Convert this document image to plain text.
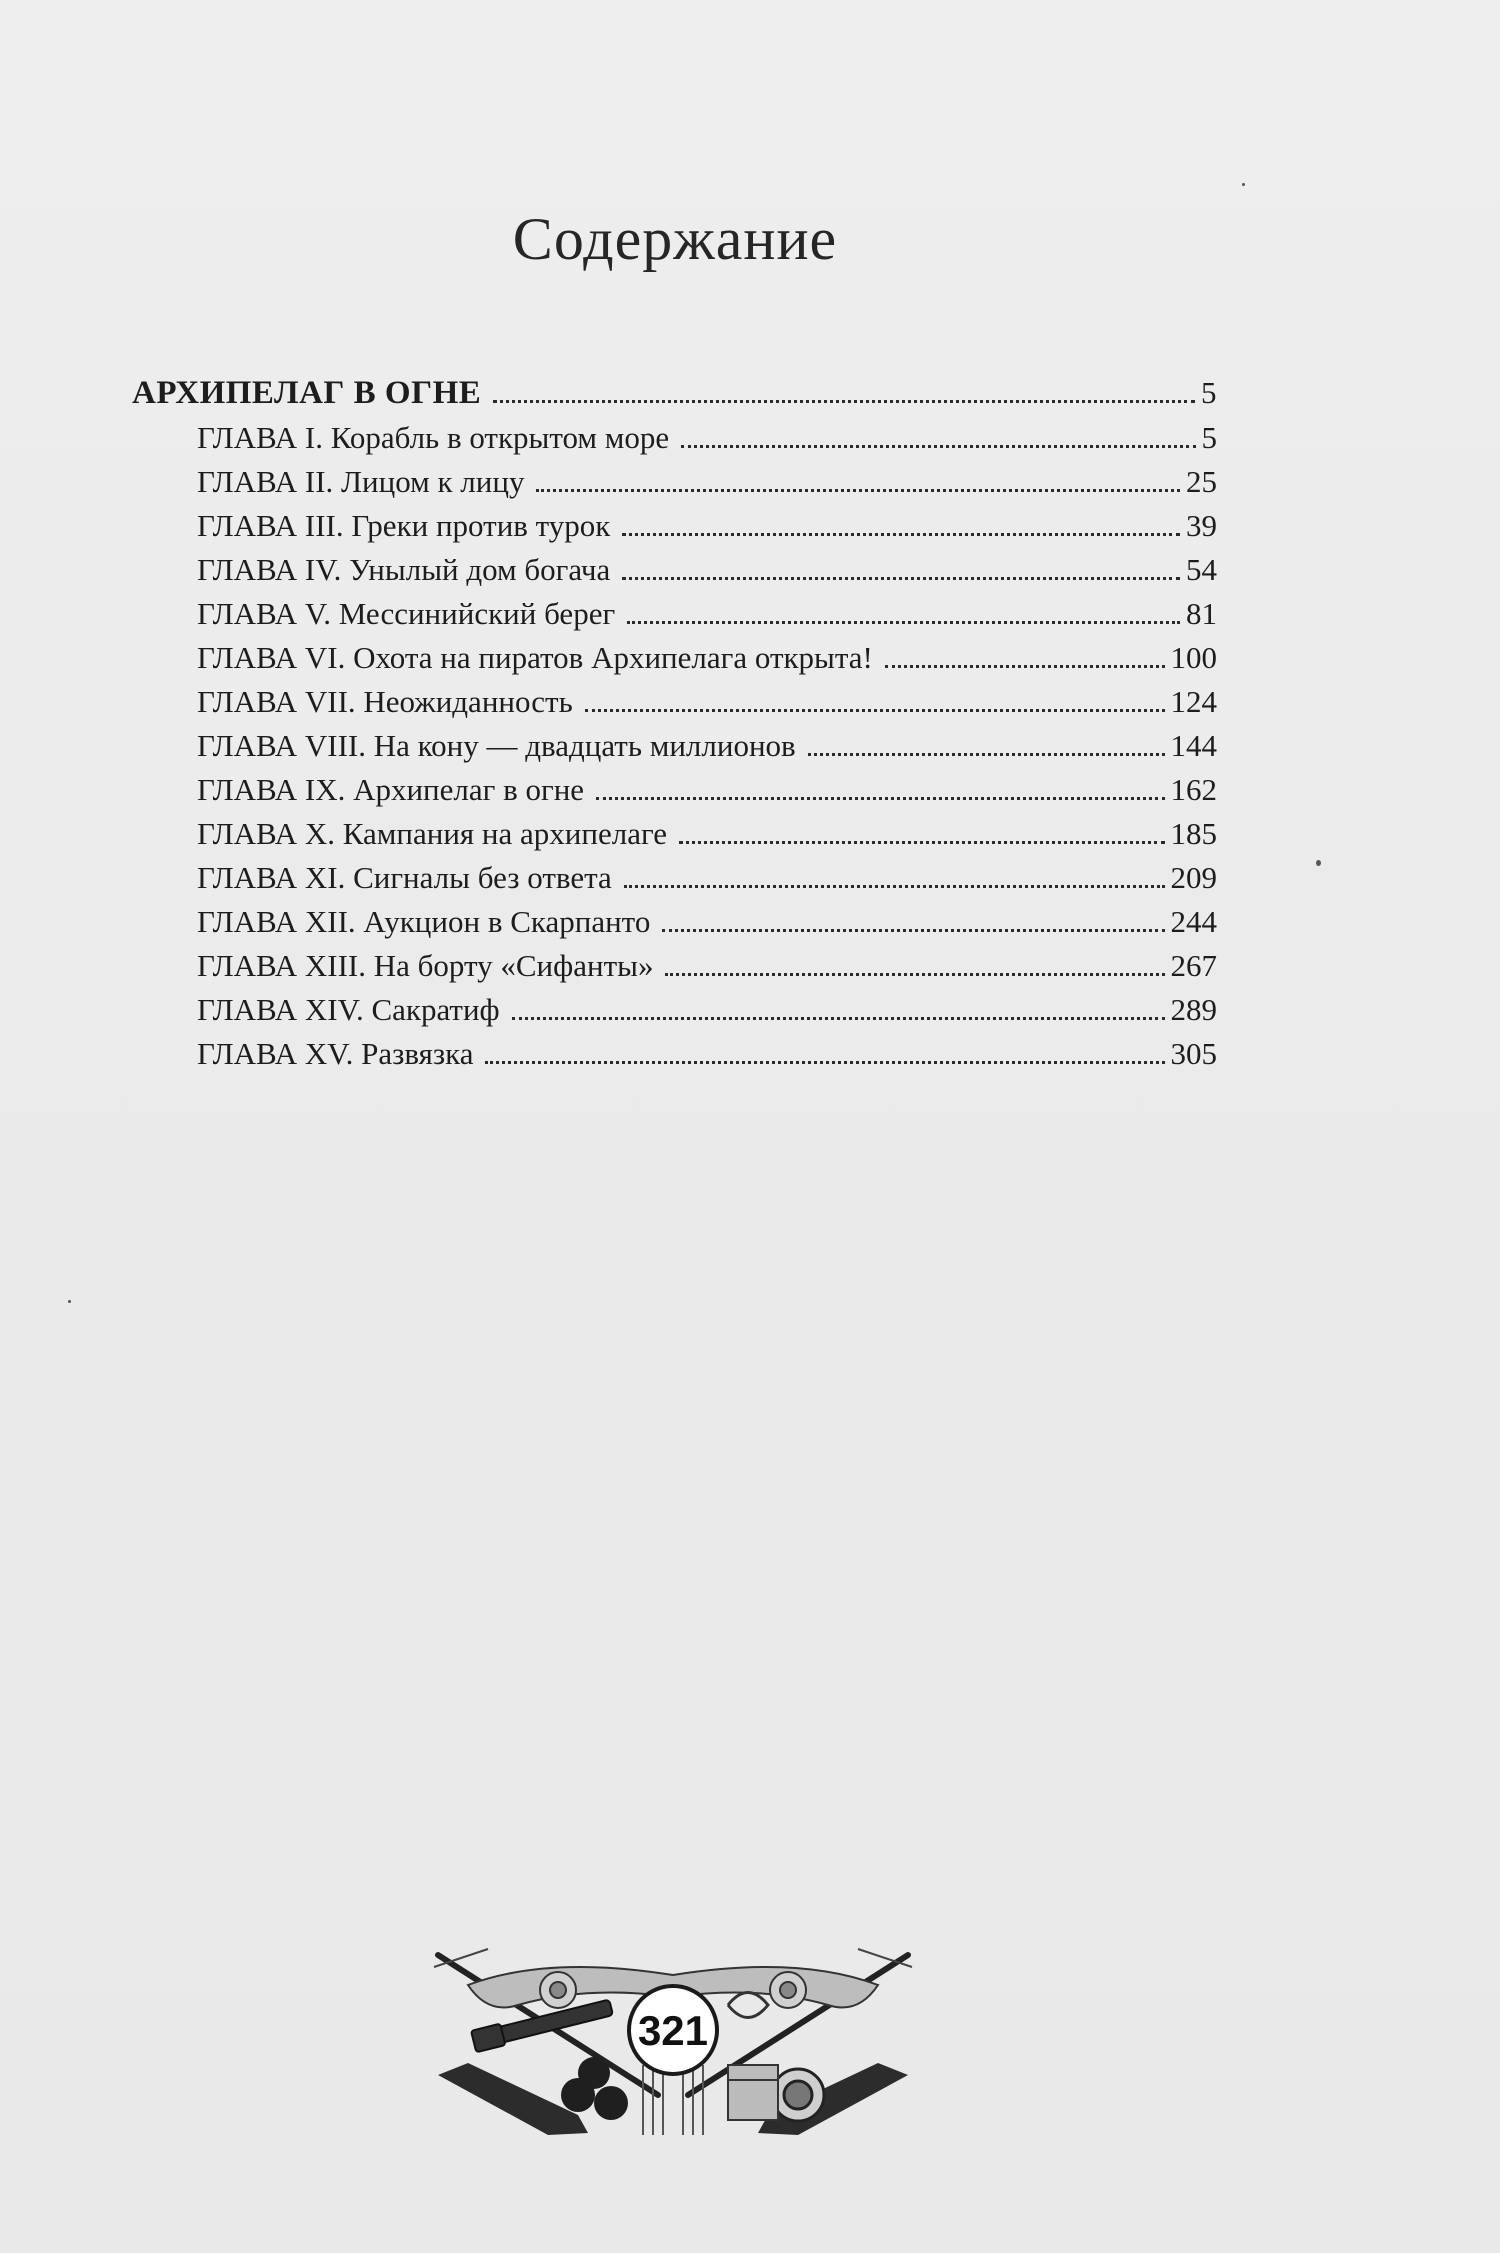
Содержание
АРХИПЕЛАГ В ОГНЕ	5
ГЛАВА I. Корабль в открытом море	5
ГЛАВА II. Лицом к лицу	25
ГЛАВА III. Греки против турок	39
ГЛАВА IV. Унылый дом богача	54
ГЛАВА V. Мессинийский берег	81
ГЛАВА VI. Охота на пиратов Архипелага открыта!	100
ГЛАВА VII. Неожиданность	124
ГЛАВА VIII. На кону — двадцать миллионов	144
ГЛАВА IX. Архипелаг в огне	162
ГЛАВА X. Кампания на архипелаге	185
ГЛАВА XI. Сигналы без ответа	209
ГЛАВА XII. Аукцион в Скарпанто	244
ГЛАВА XIII. На борту «Сифанты»	267
ГЛАВА XIV. Сакратиф	289
ГЛАВА XV. Развязка	305
321
